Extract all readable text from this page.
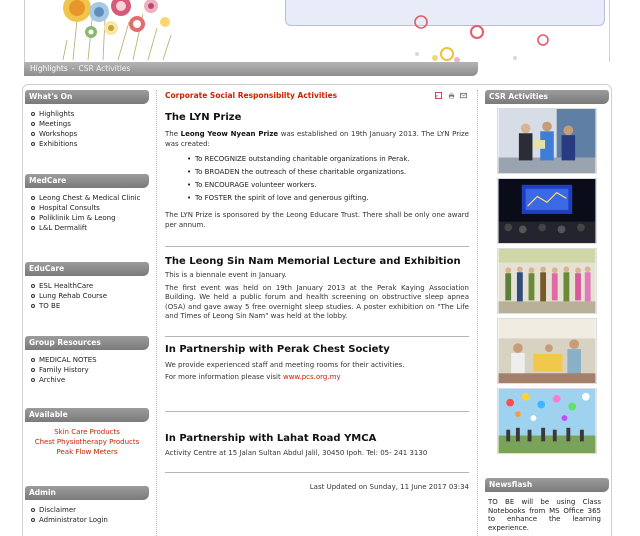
Highlights - CSR Activities
What's On
Highlights
Meetings
Workshops
Exhibitions
MedCare
Leong Chest & Medical Clinic
Hospital Consults
Poliklinik Lim & Leong
L&L Dermalift
EduCare
ESL HealthCare
Lung Rehab Course
TO BE
Group Resources
MEDICAL NOTES
Family History
Archive
Available
Skin Care Products
Chest Physiotherapy Products
Peak Flow Meters
Admin
Disclaimer
Administrator Login
Corporate Social Responsibilty Activities	P

The LYN Prize
The Leong Yeow Nyean Prize was established on 19th January 2013. The LYN Prize was created:
• To RECOGNIZE outstanding charitable organizations in Perak.
• To BROADEN the outreach of these charitable organizations.
• To ENCOURAGE volunteer workers.
• To FOSTER the spirit of love and generous gifting.
The LYN Prize is sponsored by the Leong Educare Trust. There shall be only one award per annum.
The Leong Sin Nam Memorial Lecture and Exhibition
This is a biennale event in January.
The first event was held on 19th January 2013 at the Perak Kaying Association Building. We held a public forum and health screening on obstructive sleep apnea (OSA) and gave away 5 free overnight sleep studies. A poster exhibition on "The Life and Times of Leong Sin Nam" was held at the lobby.
In Partnership with Perak Chest Society
We provide experienced staff and meeting rooms for their activities.
For more information please visit www.pcs.org.my
In Partnership with Lahat Road YMCA
Activity Centre at 15 Jalan Sultan Abdul Jalil, 30450 Ipoh. Tel: 05- 241 3130
Last Updated on Sunday, 11 June 2017 03:34
CSR Activities
Newsflash
TO BE will be using Class Notebooks from MS Office 365 to enhance the learning experience.
